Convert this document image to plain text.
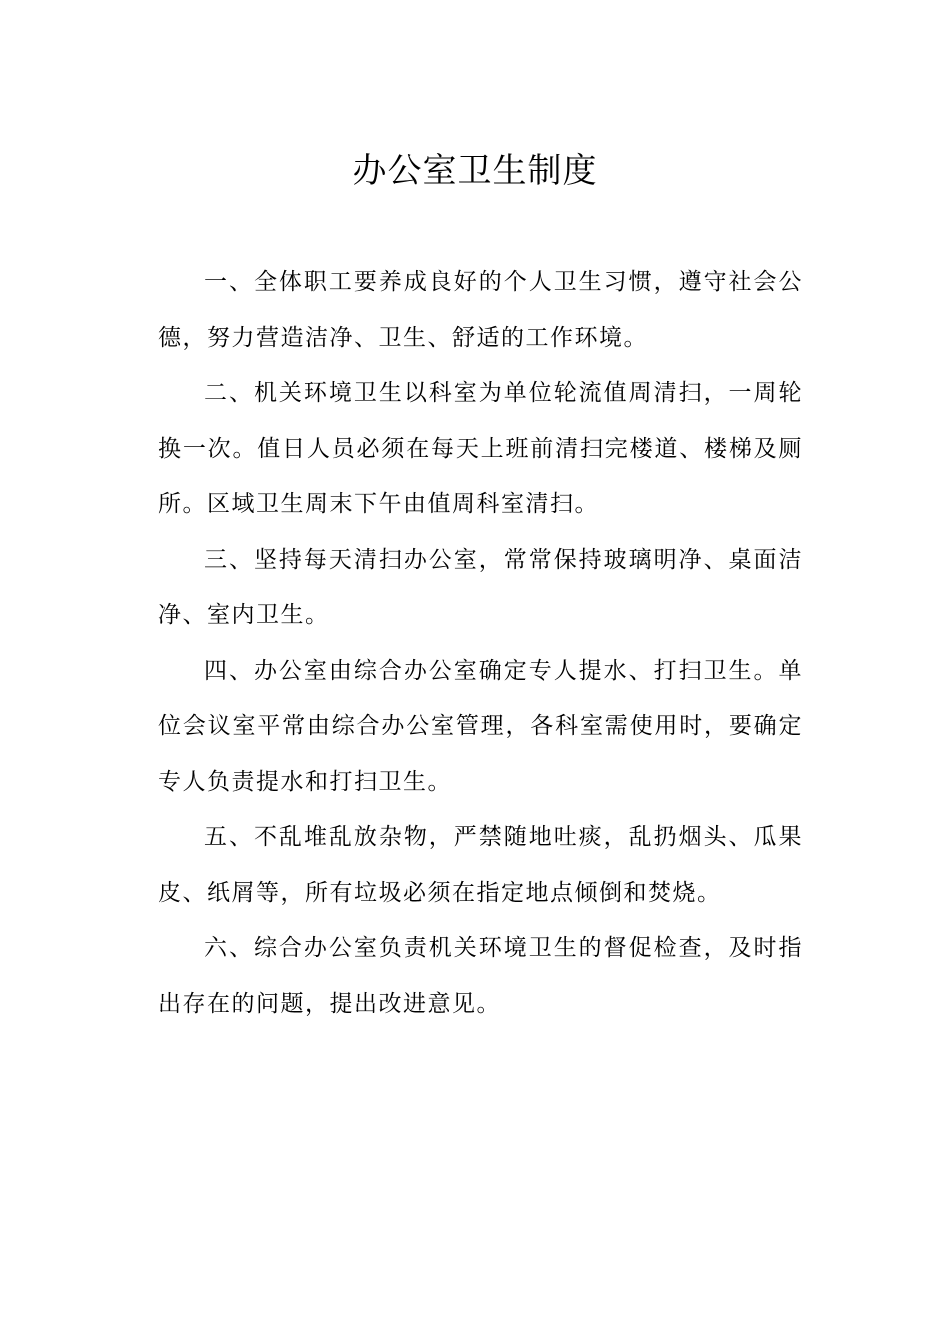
办公室卫生制度

一、全体职工要养成良好的个人卫生习惯，遵守社会公德，努力营造洁净、卫生、舒适的工作环境。

二、机关环境卫生以科室为单位轮流值周清扫，一周轮换一次。值日人员必须在每天上班前清扫完楼道、楼梯及厕所。区域卫生周末下午由值周科室清扫。

三、坚持每天清扫办公室，常常保持玻璃明净、桌面洁净、室内卫生。

四、办公室由综合办公室确定专人提水、打扫卫生。单位会议室平常由综合办公室管理，各科室需使用时，要确定专人负责提水和打扫卫生。

五、不乱堆乱放杂物，严禁随地吐痰，乱扔烟头、瓜果皮、纸屑等，所有垃圾必须在指定地点倾倒和焚烧。

六、综合办公室负责机关环境卫生的督促检查，及时指出存在的问题，提出改进意见。
